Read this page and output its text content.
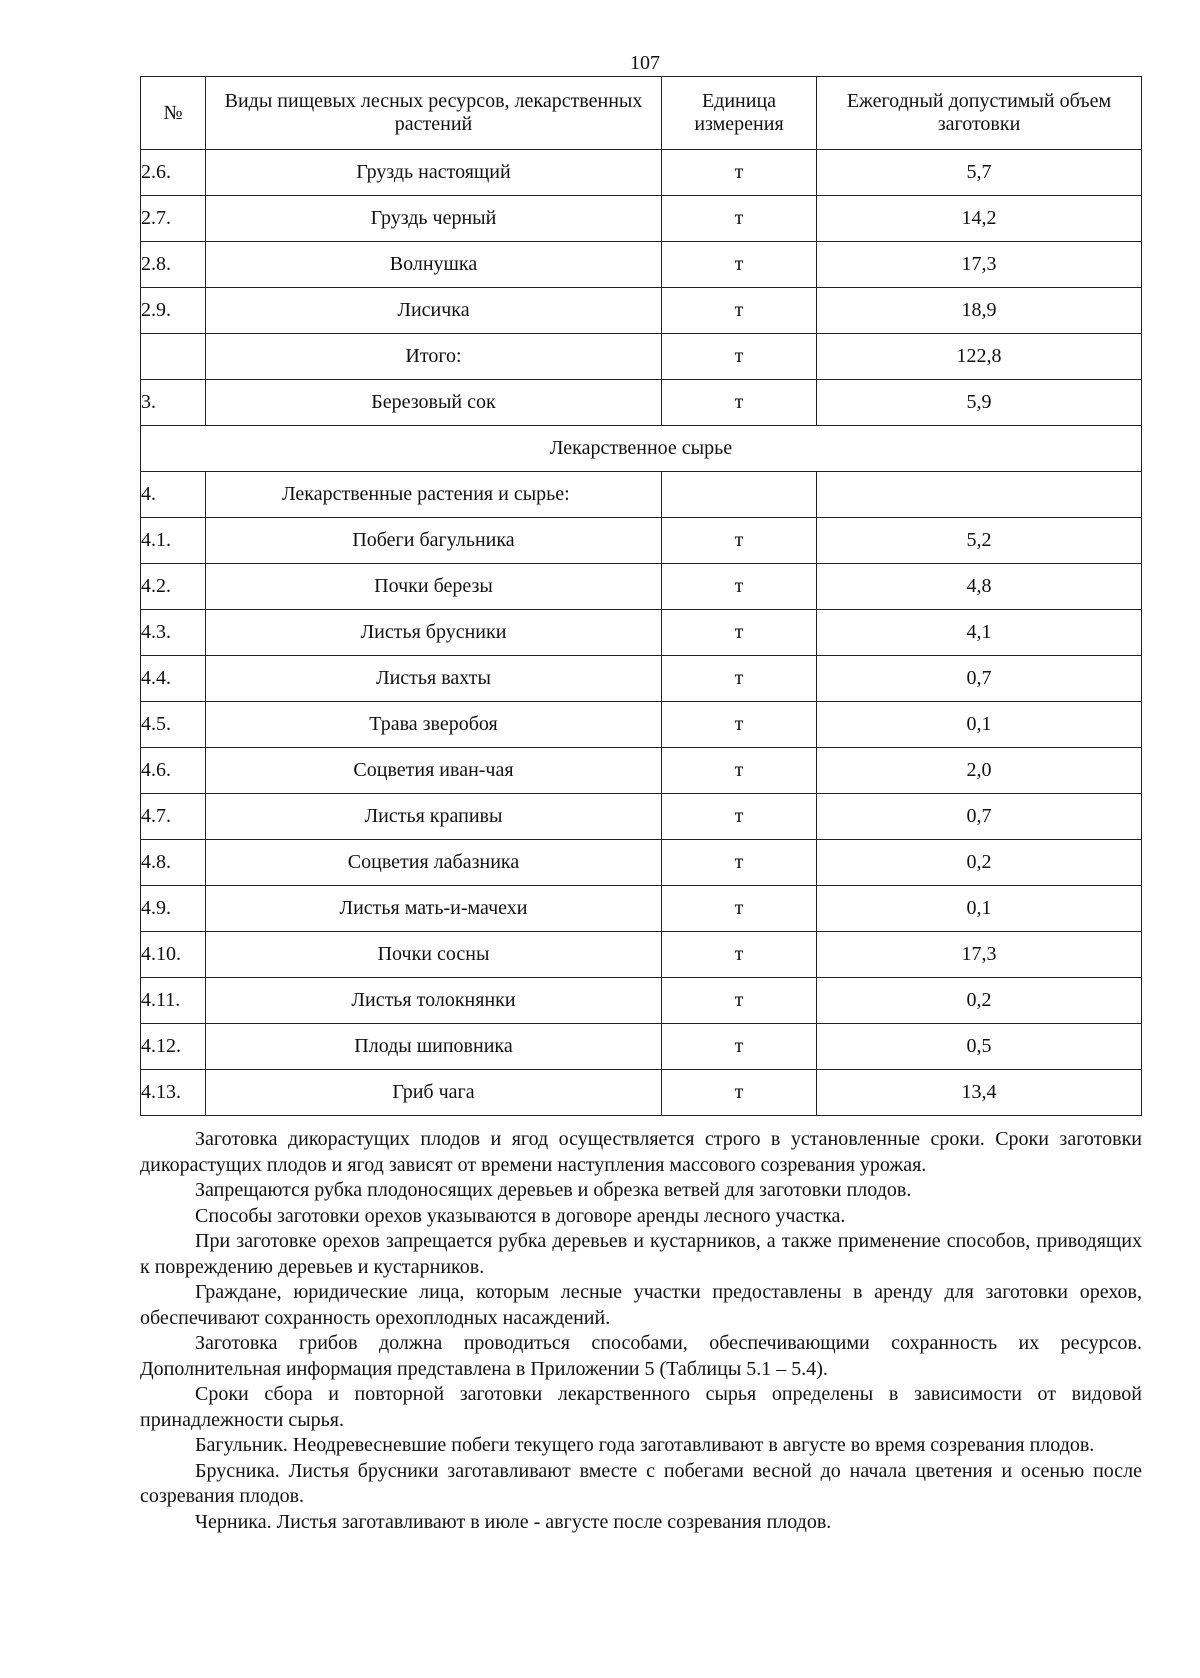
107
№	Виды пищевых лесных ресурсов, лекарственных растений	Единица измерения	Ежегодный допустимый объем заготовки
2.6.	Груздь настоящий	т	5,7
2.7.	Груздь черный	т	14,2
2.8.	Волнушка	т	17,3
2.9.	Лисичка	т	18,9
	Итого:	т	122,8
3.	Березовый сок	т	5,9
Лекарственное сырье			
4.	Лекарственные растения и сырье:		
4.1.	Побеги багульника	т	5,2
4.2.	Почки березы	т	4,8
4.3.	Листья брусники	т	4,1
4.4.	Листья вахты	т	0,7
4.5.	Трава зверобоя	т	0,1
4.6.	Соцветия иван-чая	т	2,0
4.7.	Листья крапивы	т	0,7
4.8.	Соцветия лабазника	т	0,2
4.9.	Листья мать-и-мачехи	т	0,1
4.10.	Почки сосны	т	17,3
4.11.	Листья толокнянки	т	0,2
4.12.	Плоды шиповника	т	0,5
4.13.	Гриб чага	т	13,4

Заготовка дикорастущих плодов и ягод осуществляется строго в установленные сроки. Сроки заготовки дикорастущих плодов и ягод зависят от времени наступления массового созревания урожая.

Запрещаются рубка плодоносящих деревьев и обрезка ветвей для заготовки плодов.

Способы заготовки орехов указываются в договоре аренды лесного участка.

При заготовке орехов запрещается рубка деревьев и кустарников, а также применение способов, приводящих к повреждению деревьев и кустарников.

Граждане, юридические лица, которым лесные участки предоставлены в аренду для заготовки орехов, обеспечивают сохранность орехоплодных насаждений.

Заготовка грибов должна проводиться способами, обеспечивающими сохранность их ресурсов. Дополнительная информация представлена в Приложении 5 (Таблицы 5.1 – 5.4).

Сроки сбора и повторной заготовки лекарственного сырья определены в зависимости от видовой принадлежности сырья.

Багульник. Неодревесневшие побеги текущего года заготавливают в августе во время созревания плодов.

Брусника. Листья брусники заготавливают вместе с побегами весной до начала цветения и осенью после созревания плодов.

Черника. Листья заготавливают в июле - августе после созревания плодов.
